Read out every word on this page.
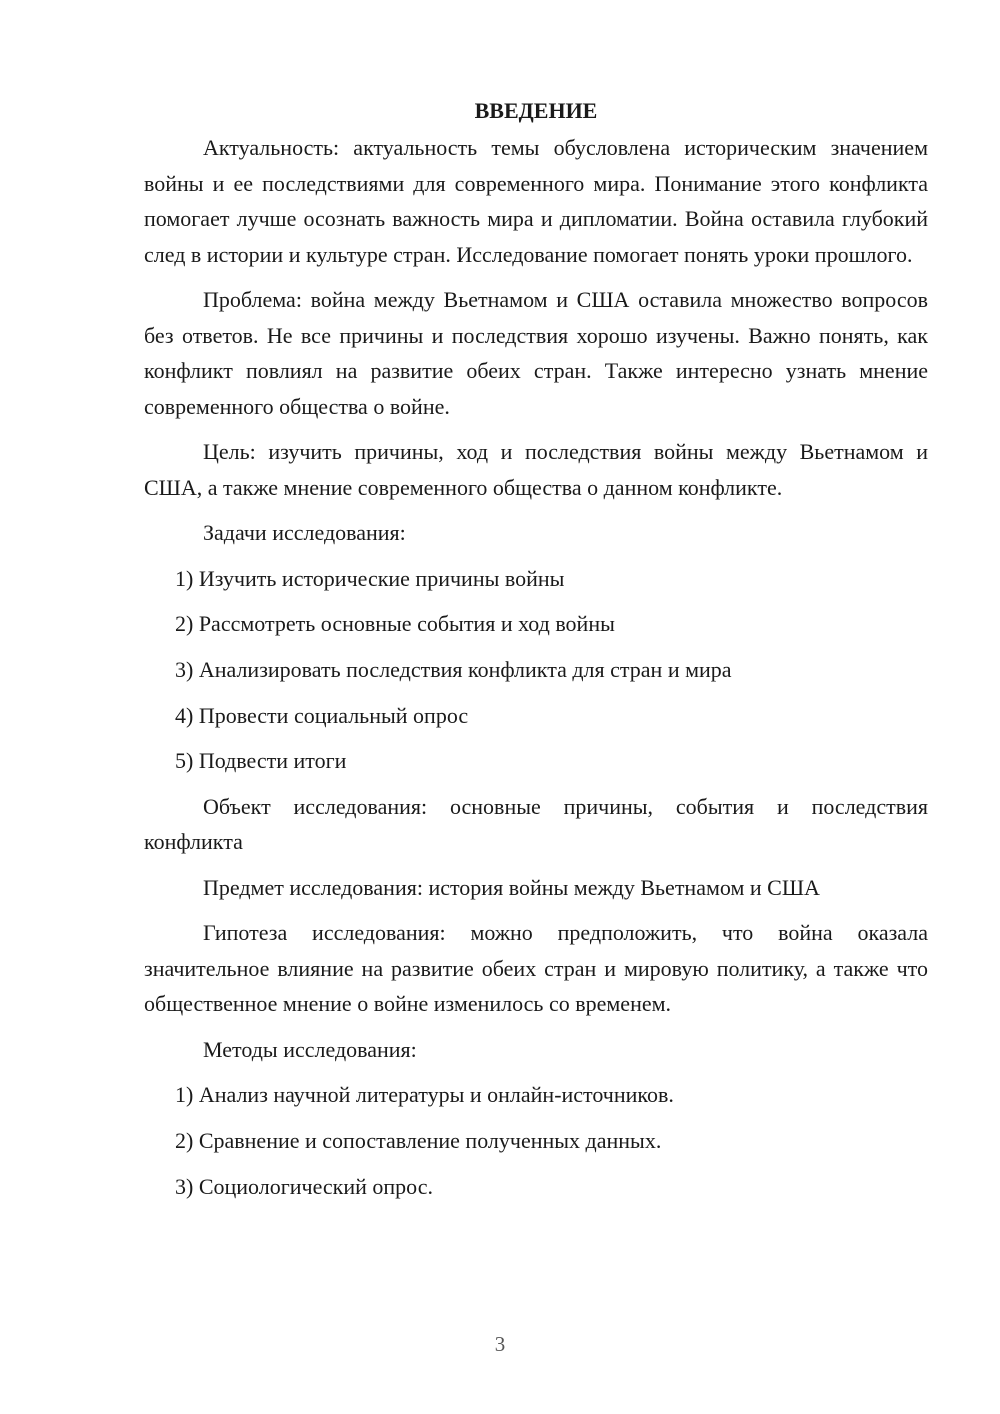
ВВЕДЕНИЕ

Актуальность: актуальность темы обусловлена историческим значением войны и ее последствиями для современного мира. Понимание этого конфликта помогает лучше осознать важность мира и дипломатии. Война оставила глубокий след в истории и культуре стран. Исследование помогает понять уроки прошлого.

Проблема: война между Вьетнамом и США оставила множество вопросов без ответов. Не все причины и последствия хорошо изучены. Важно понять, как конфликт повлиял на развитие обеих стран. Также интересно узнать мнение современного общества о войне.

Цель: изучить причины, ход и последствия войны между Вьетнамом и США, а также мнение современного общества о данном конфликте.

Задачи исследования:

1) Изучить исторические причины войны
2) Рассмотреть основные события и ход войны
3) Анализировать последствия конфликта для стран и мира
4) Провести социальный опрос
5) Подвести итоги

Объект исследования: основные причины, события и последствия конфликта

Предмет исследования: история войны между Вьетнамом и США

Гипотеза исследования: можно предположить, что война оказала значительное влияние на развитие обеих стран и мировую политику, а также что общественное мнение о войне изменилось со временем.

Методы исследования:

1) Анализ научной литературы и онлайн-источников.
2) Сравнение и сопоставление полученных данных.
3) Социологический опрос.
3
